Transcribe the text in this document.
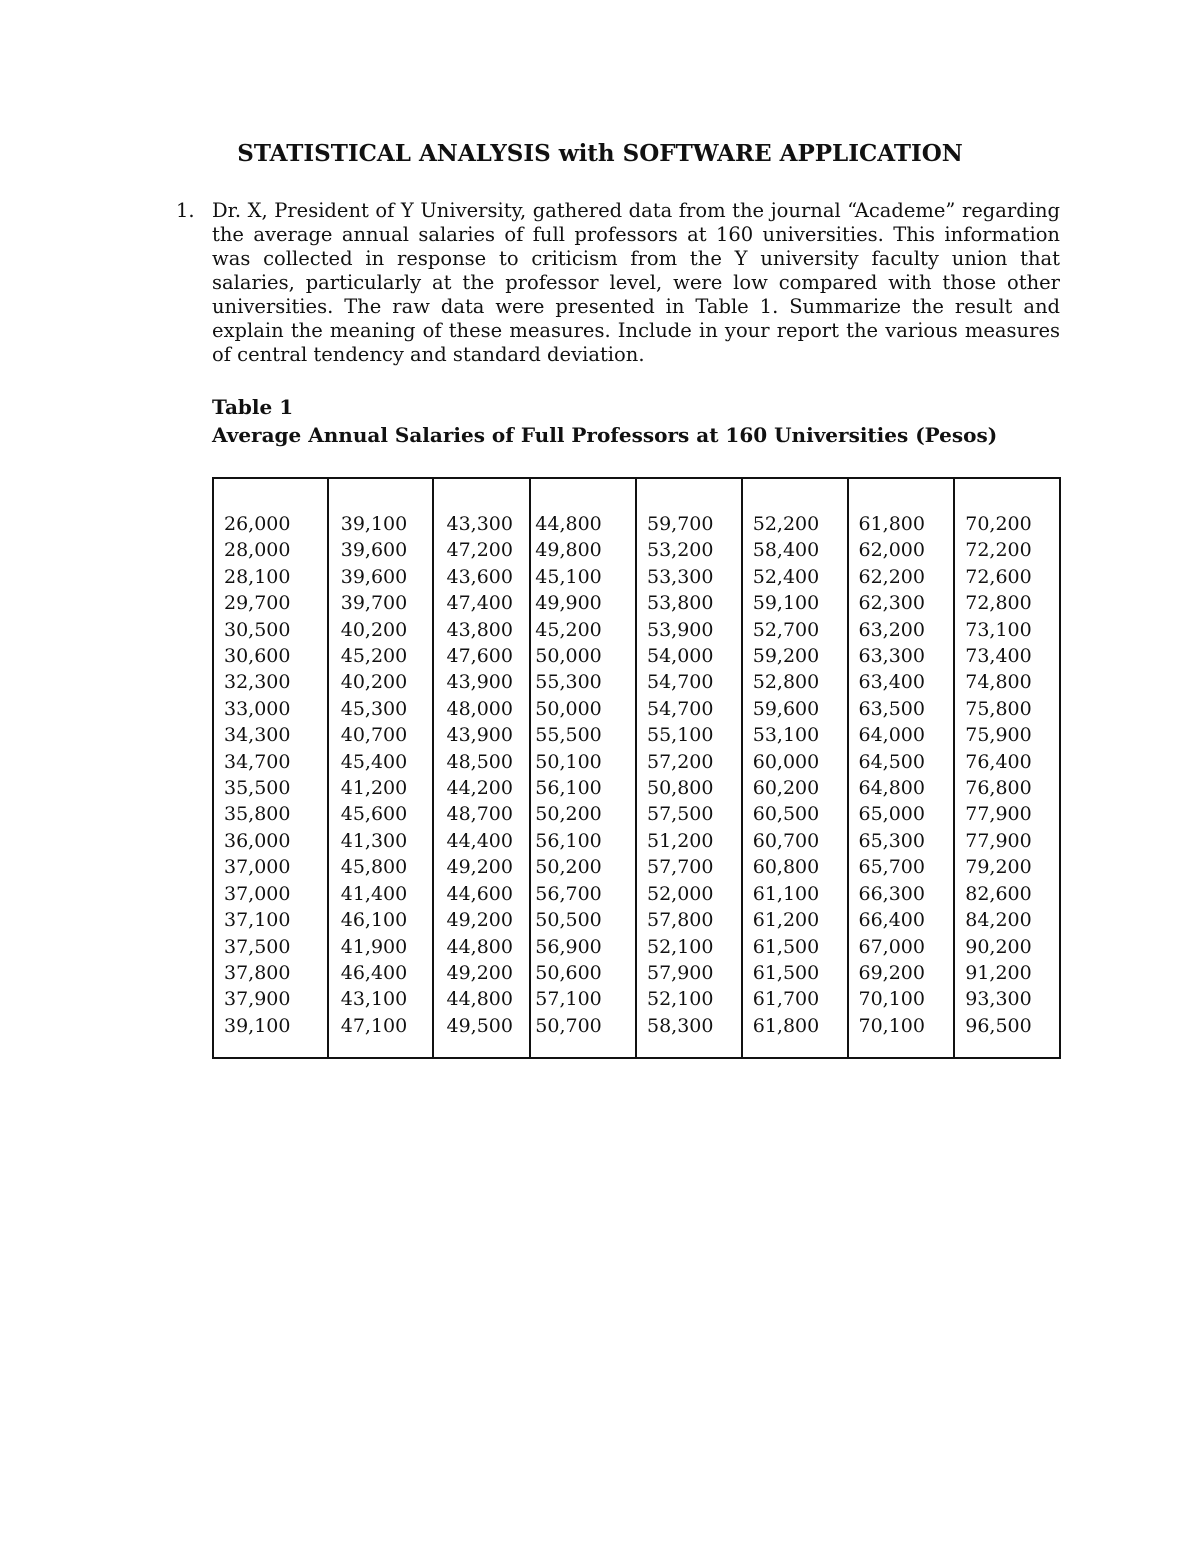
STATISTICAL ANALYSIS with SOFTWARE APPLICATION
1. Dr. X, President of Y University, gathered data from the journal “Academe” regarding the average annual salaries of full professors at 160 universities. This information was collected in response to criticism from the Y university faculty union that salaries, particularly at the professor level, were low compared with those other universities. The raw data were presented in Table 1. Summarize the result and explain the meaning of these measures. Include in your report the various measures of central tendency and standard deviation.
Table 1
Average Annual Salaries of Full Professors at 160 Universities (Pesos)
26,000
28,000
28,100
29,700
30,500
30,600
32,300
33,000
34,300
34,700
35,500
35,800
36,000
37,000
37,000
37,100
37,500
37,800
37,900
39,100
39,100
39,600
39,600
39,700
40,200
45,200
40,200
45,300
40,700
45,400
41,200
45,600
41,300
45,800
41,400
46,100
41,900
46,400
43,100
47,100
43,300
47,200
43,600
47,400
43,800
47,600
43,900
48,000
43,900
48,500
44,200
48,700
44,400
49,200
44,600
49,200
44,800
49,200
44,800
49,500
44,800
49,800
45,100
49,900
45,200
50,000
55,300
50,000
55,500
50,100
56,100
50,200
56,100
50,200
56,700
50,500
56,900
50,600
57,100
50,700
59,700
53,200
53,300
53,800
53,900
54,000
54,700
54,700
55,100
57,200
50,800
57,500
51,200
57,700
52,000
57,800
52,100
57,900
52,100
58,300
52,200
58,400
52,400
59,100
52,700
59,200
52,800
59,600
53,100
60,000
60,200
60,500
60,700
60,800
61,100
61,200
61,500
61,500
61,700
61,800
61,800
62,000
62,200
62,300
63,200
63,300
63,400
63,500
64,000
64,500
64,800
65,000
65,300
65,700
66,300
66,400
67,000
69,200
70,100
70,100
70,200
72,200
72,600
72,800
73,100
73,400
74,800
75,800
75,900
76,400
76,800
77,900
77,900
79,200
82,600
84,200
90,200
91,200
93,300
96,500
